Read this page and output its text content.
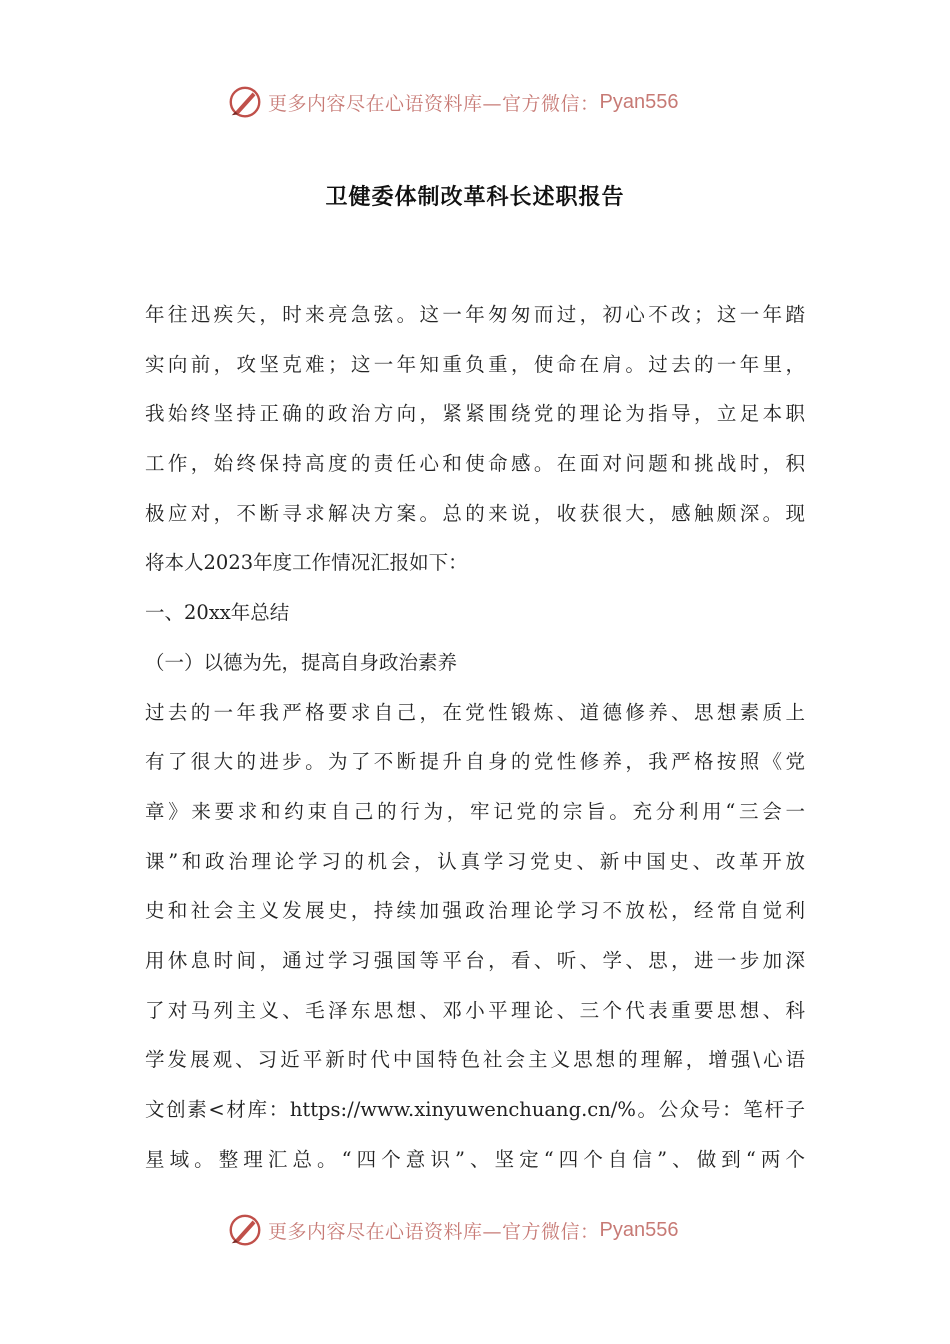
更多内容尽在心语资料库—官方微信： Pyan556
卫健委体制改革科长述职报告
年往迅疾矢，时来亮急弦。这一年匆匆而过，初心不改；这一年踏
实向前，攻坚克难；这一年知重负重，使命在肩。过去的一年里，
我始终坚持正确的政治方向，紧紧围绕党的理论为指导，立足本职
工作，始终保持高度的责任心和使命感。在面对问题和挑战时，积
极应对，不断寻求解决方案。总的来说，收获很大，感触颇深。现
将本人2023年度工作情况汇报如下：
一、20xx年总结
（一）以德为先，提高自身政治素养
过去的一年我严格要求自己，在党性锻炼、道德修养、思想素质上
有了很大的进步。为了不断提升自身的党性修养，我严格按照《党
章》来要求和约束自己的行为，牢记党的宗旨。充分利用“三会一
课”和政治理论学习的机会，认真学习党史、新中国史、改革开放
史和社会主义发展史，持续加强政治理论学习不放松，经常自觉利
用休息时间，通过学习强国等平台，看、听、学、思，进一步加深
了对马列主义、毛泽东思想、邓小平理论、三个代表重要思想、科
学发展观、习近平新时代中国特色社会主义思想的理解，增强\心语
文创素<材库：https://www.xinyuwenchuang.cn/%。公众号：笔杆子
星域。整理汇总。“四个意识”、坚定“四个自信”、做到“两个
更多内容尽在心语资料库—官方微信： Pyan556
